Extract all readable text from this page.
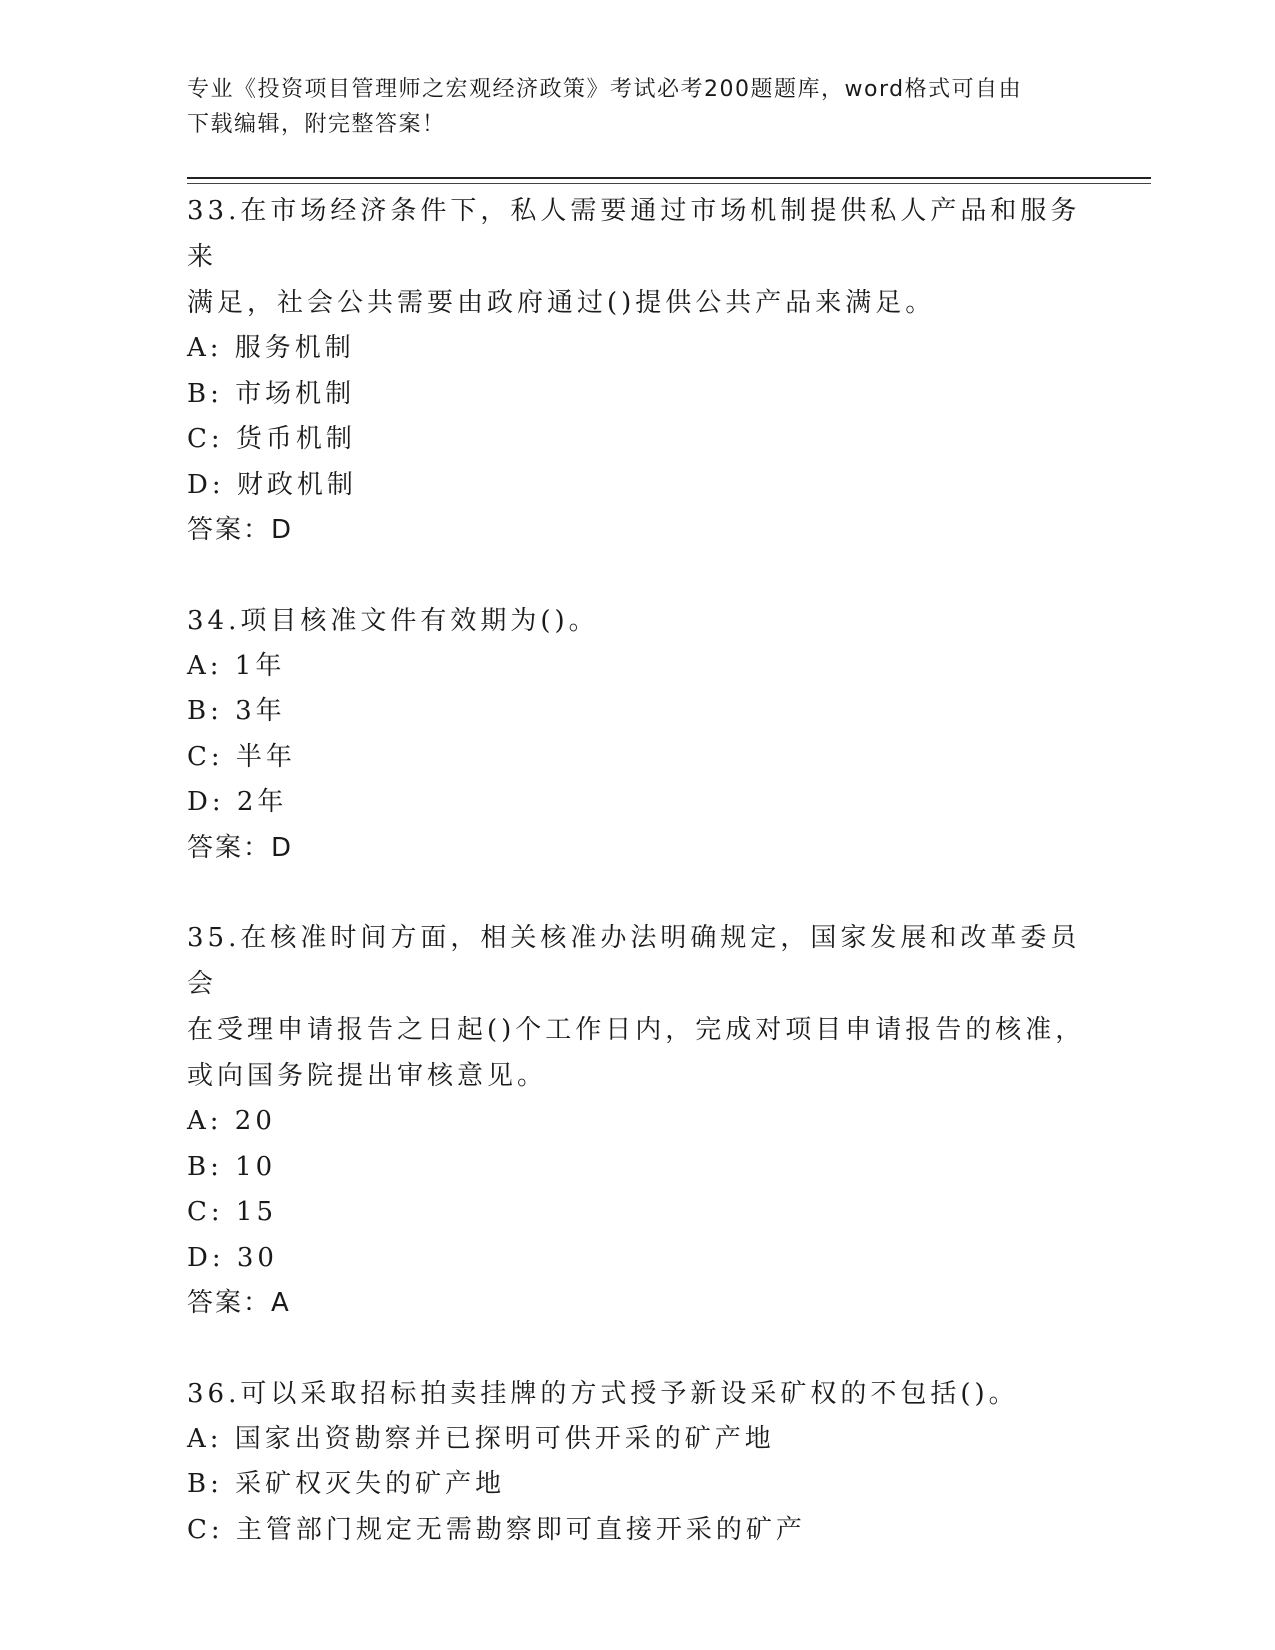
专业《投资项目管理师之宏观经济政策》考试必考200题题库，word格式可自由
下载编辑，附完整答案！

33.在市场经济条件下，私人需要通过市场机制提供私人产品和服务来

满足，社会公共需要由政府通过()提供公共产品来满足。

A: 服务机制

B: 市场机制

C: 货币机制

D: 财政机制

答案：D

34.项目核准文件有效期为()。

A: 1年

B: 3年

C: 半年

D: 2年

答案：D

35.在核准时间方面，相关核准办法明确规定，国家发展和改革委员会

在受理申请报告之日起()个工作日内，完成对项目申请报告的核准，

或向国务院提出审核意见。

A: 20

B: 10

C: 15

D: 30

答案：A

36.可以采取招标拍卖挂牌的方式授予新设采矿权的不包括()。

A: 国家出资勘察并已探明可供开采的矿产地

B: 采矿权灭失的矿产地

C: 主管部门规定无需勘察即可直接开采的矿产
